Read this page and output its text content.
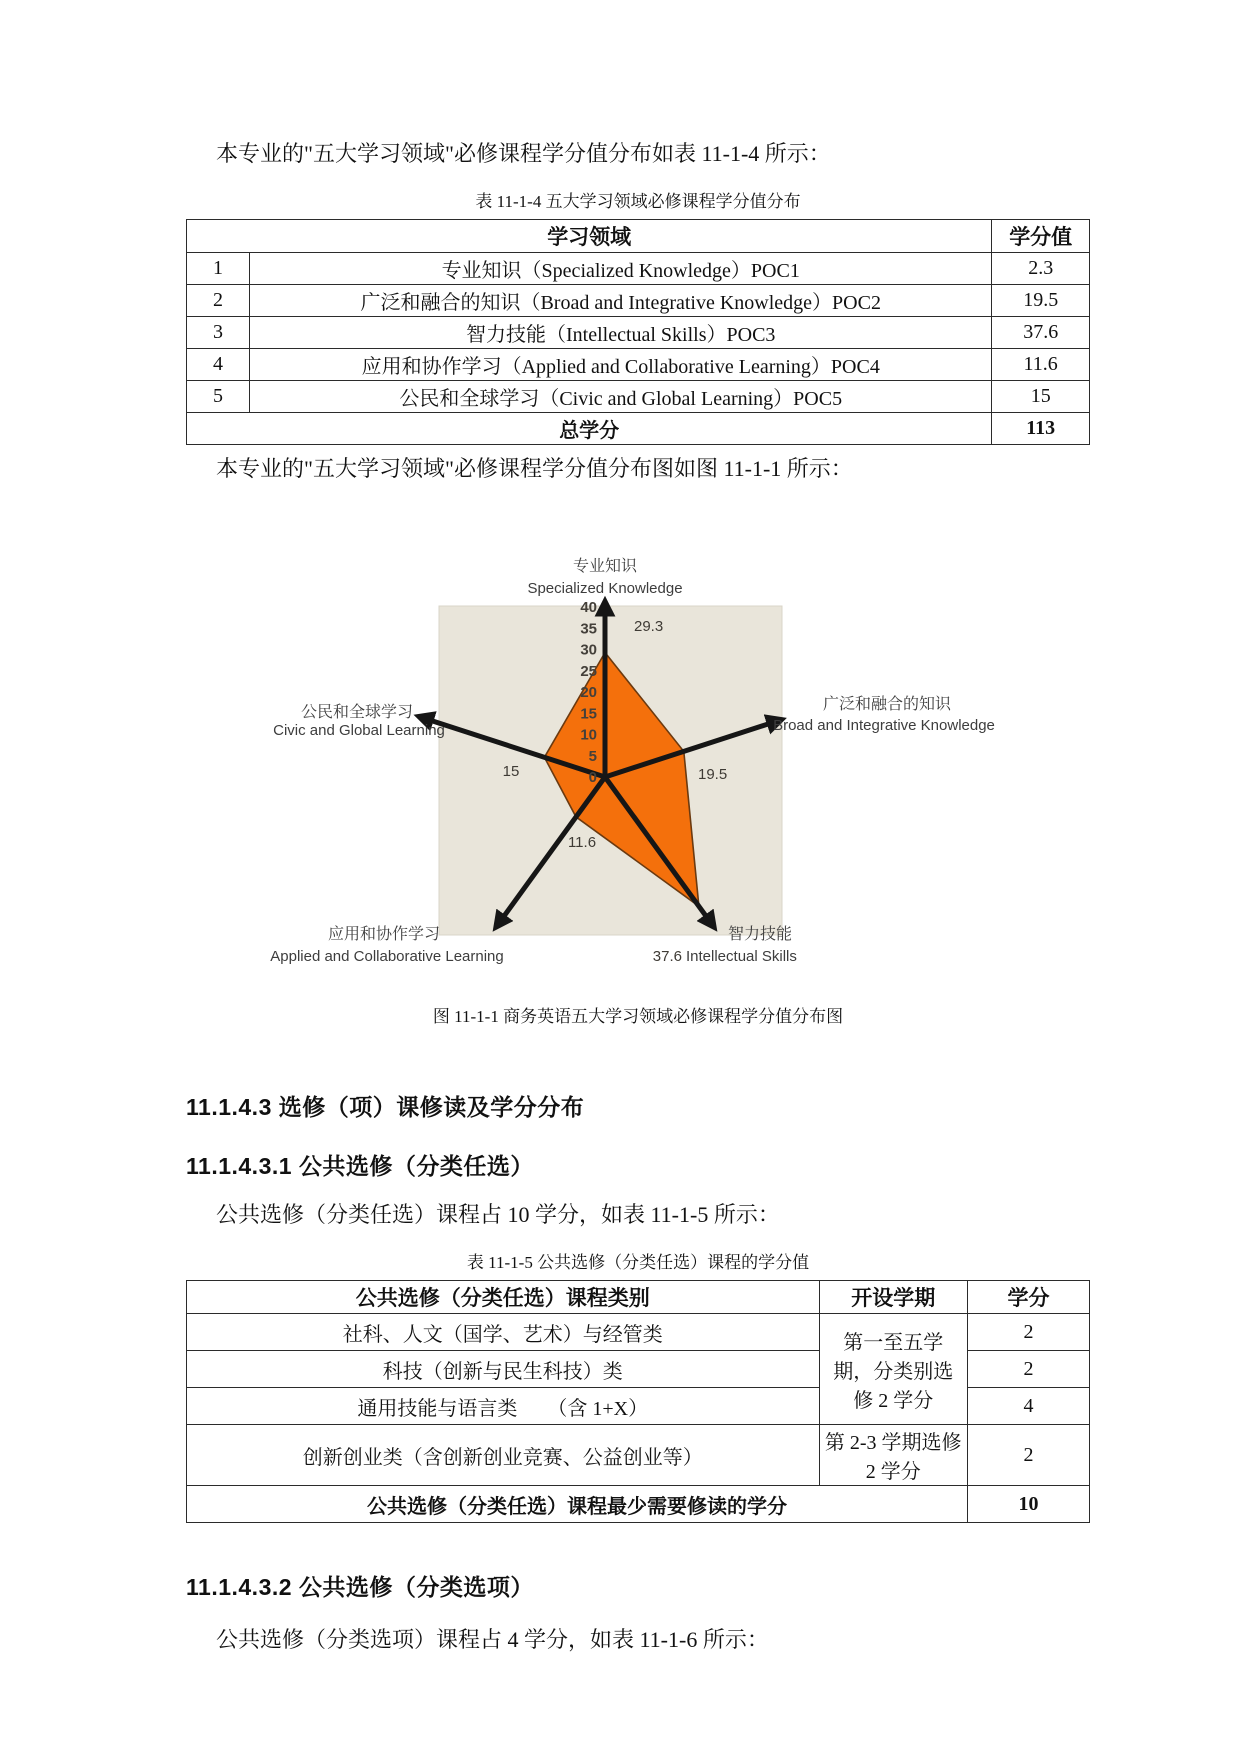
本专业的"五大学习领域"必修课程学分值分布如表 11-1-4 所示：

表 11-1-4 五大学习领域必修课程学分值分布
学习领域		学分值
1	专业知识（Specialized Knowledge）POC1	2.3
2	广泛和融合的知识（Broad and Integrative Knowledge）POC2	19.5
3	智力技能（Intellectual Skills）POC3	37.6
4	应用和协作学习（Applied and Collaborative Learning）POC4	11.6
5	公民和全球学习（Civic and Global Learning）POC5	15
总学分		113

本专业的"五大学习领域"必修课程学分值分布图如图 11-1-1 所示：

40
35
30
25
20
15
10
5
0
专业知识
Specialized Knowledge
广泛和融合的知识
Broad and Integrative Knowledge
智力技能
应用和协作学习
Applied and Collaborative Learning
公民和全球学习
Civic and Global Learning
29.3
19.5
11.6
15
37.6 Intellectual Skills
图 11-1-1 商务英语五大学习领域必修课程学分值分布图
11.1.4.3 选修（项）课修读及学分分布
11.1.4.3.1 公共选修（分类任选）

公共选修（分类任选）课程占 10 学分，如表 11-1-5 所示：

表 11-1-5 公共选修（分类任选）课程的学分值
公共选修（分类任选）课程类别	开设学期	学分
社科、人文（国学、艺术）与经管类	第一至五学期，分类别选修 2 学分	2
科技（创新与民生科技）类		2
通用技能与语言类　　（含 1+X）		4
创新创业类（含创新创业竞赛、公益创业等）	第 2-3 学期选修 2 学分	2
公共选修（分类任选）课程最少需要修读的学分		10
11.1.4.3.2 公共选修（分类选项）

公共选修（分类选项）课程占 4 学分，如表 11-1-6 所示：
